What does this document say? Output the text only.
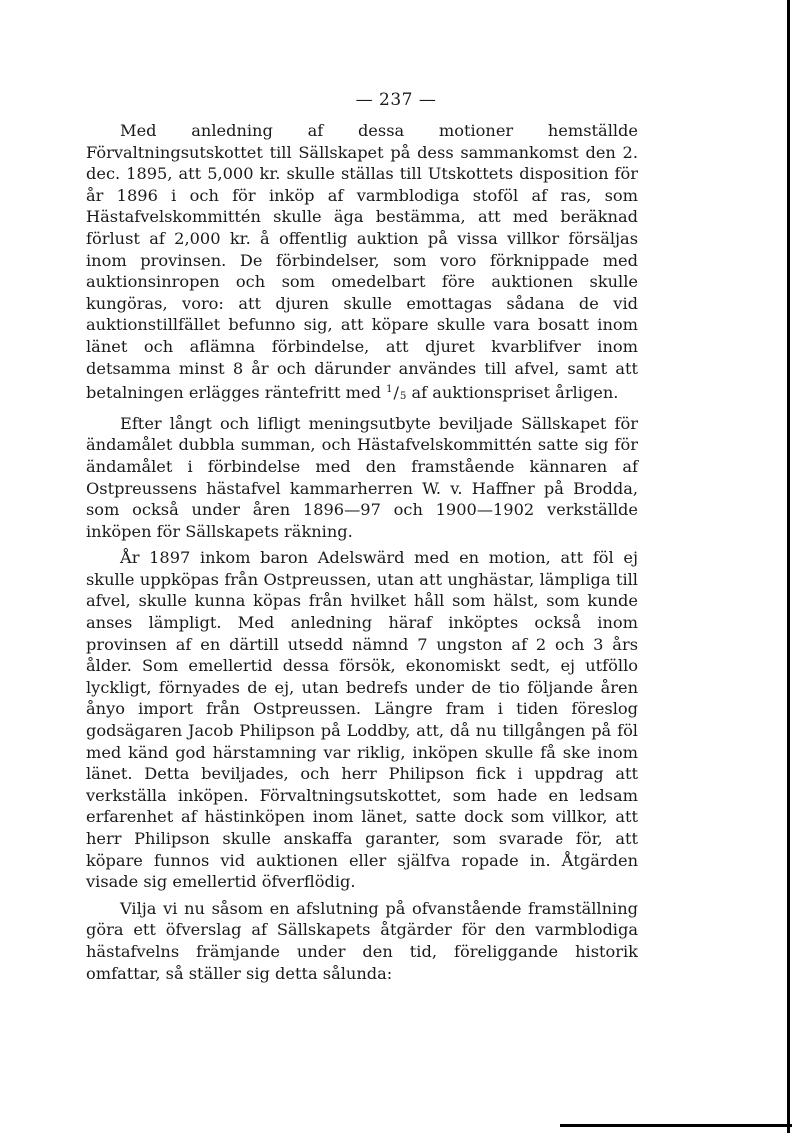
— 237 —

Med anledning af dessa motioner hemställde Förvaltningsutskottet till Sällskapet på dess sammankomst den 2. dec. 1895, att 5,000 kr. skulle ställas till Utskottets disposition för år 1896 i och för inköp af varmblodiga stoföl af ras, som Hästafvelskommittén skulle äga bestämma, att med beräknad förlust af 2,000 kr. å offentlig auktion på vissa villkor försäljas inom provinsen. De förbindelser, som voro förknippade med auktionsinropen och som omedelbart före auktionen skulle kungöras, voro: att djuren skulle emottagas sådana de vid auktionstillfället befunno sig, att köpare skulle vara bosatt inom länet och aflämna förbindelse, att djuret kvarblifver inom detsamma minst 8 år och därunder användes till afvel, samt att betalningen erlägges räntefritt med $^1$/5 af auktionspriset årligen.

Efter långt och lifligt meningsutbyte beviljade Sällskapet för ändamålet dubbla summan, och Hästafvelskommittén satte sig för ändamålet i förbindelse med den framstående kännaren af Ostpreussens hästafvel kammarherren W. v. Haffner på Brodda, som också under åren 1896—97 och 1900—1902 verkställde inköpen för Sällskapets räkning.

År 1897 inkom baron Adelswärd med en motion, att föl ej skulle uppköpas från Ostpreussen, utan att unghästar, lämpliga till afvel, skulle kunna köpas från hvilket håll som hälst, som kunde anses lämpligt. Med anledning häraf inköptes också inom provinsen af en därtill utsedd nämnd 7 ungston af 2 och 3 års ålder. Som emellertid dessa försök, ekonomiskt sedt, ej utföllo lyckligt, förnyades de ej, utan bedrefs under de tio följande åren ånyo import från Ostpreussen. Längre fram i tiden föreslog godsägaren Jacob Philipson på Loddby, att, då nu tillgången på föl med känd god härstamning var riklig, inköpen skulle få ske inom länet. Detta beviljades, och herr Philipson fick i uppdrag att verkställa inköpen. Förvaltningsutskottet, som hade en ledsam erfarenhet af hästinköpen inom länet, satte dock som villkor, att herr Philipson skulle anskaffa garanter, som svarade för, att köpare funnos vid auktionen eller själfva ropade in. Åtgärden visade sig emellertid öfverflödig.

Vilja vi nu såsom en afslutning på ofvanstående framställning göra ett öfverslag af Sällskapets åtgärder för den varmblodiga hästafvelns främjande under den tid, föreliggande historik omfattar, så ställer sig detta sålunda:
